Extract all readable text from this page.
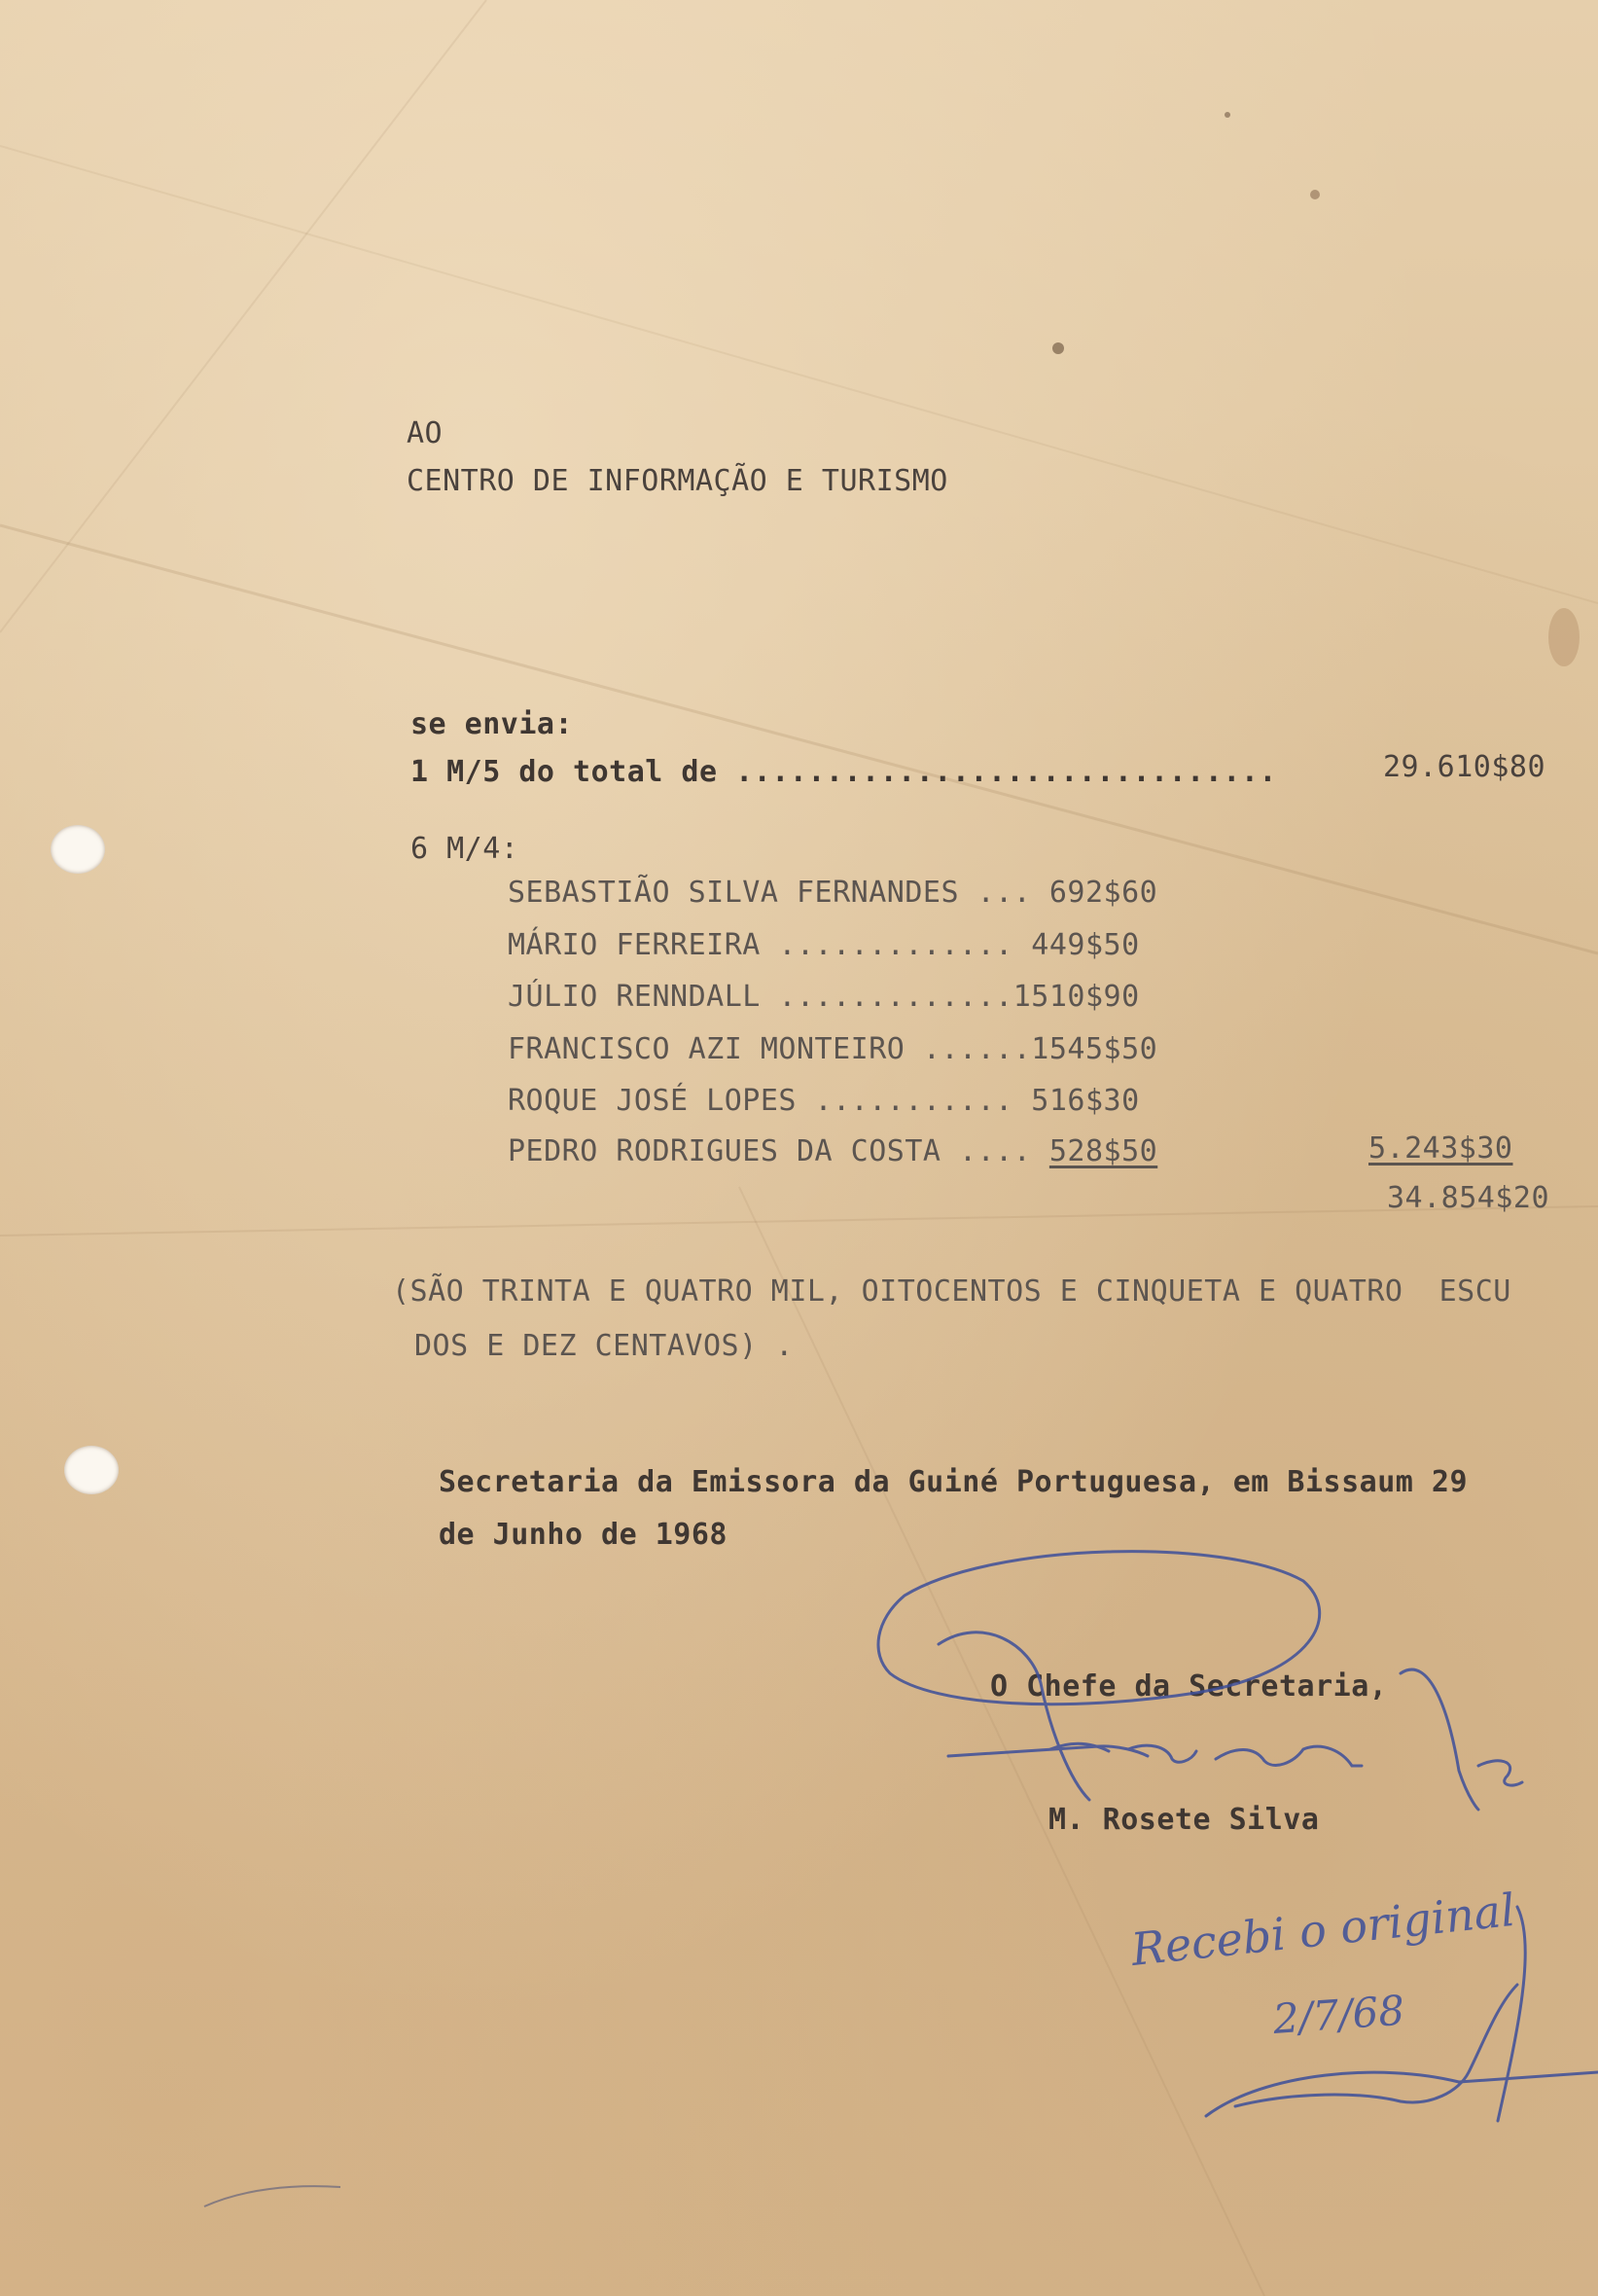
AO
CENTRO DE INFORMAÇÃO E TURISMO
se envia:
1 M/5 do total de ..............................	29.610$80
6 M/4:
SEBASTIÃO SILVA FERNANDES ... 692$60
MÁRIO FERREIRA ............. 449$50
JÚLIO RENNDALL .............1510$90
FRANCISCO AZI MONTEIRO ......1545$50
ROQUE JOSÉ LOPES ........... 516$30
PEDRO RODRIGUES DA COSTA .... 528$50	5.243$30
34.854$20
(SÃO TRINTA E QUATRO MIL, OITOCENTOS E CINQUETA E QUATRO  ESCU
DOS E DEZ CENTAVOS) .
Secretaria da Emissora da Guiné Portuguesa, em Bissaum 29
de Junho de 1968
O Chefe da Secretaria,
M. Rosete Silva
Recebi o original
2/7/68
